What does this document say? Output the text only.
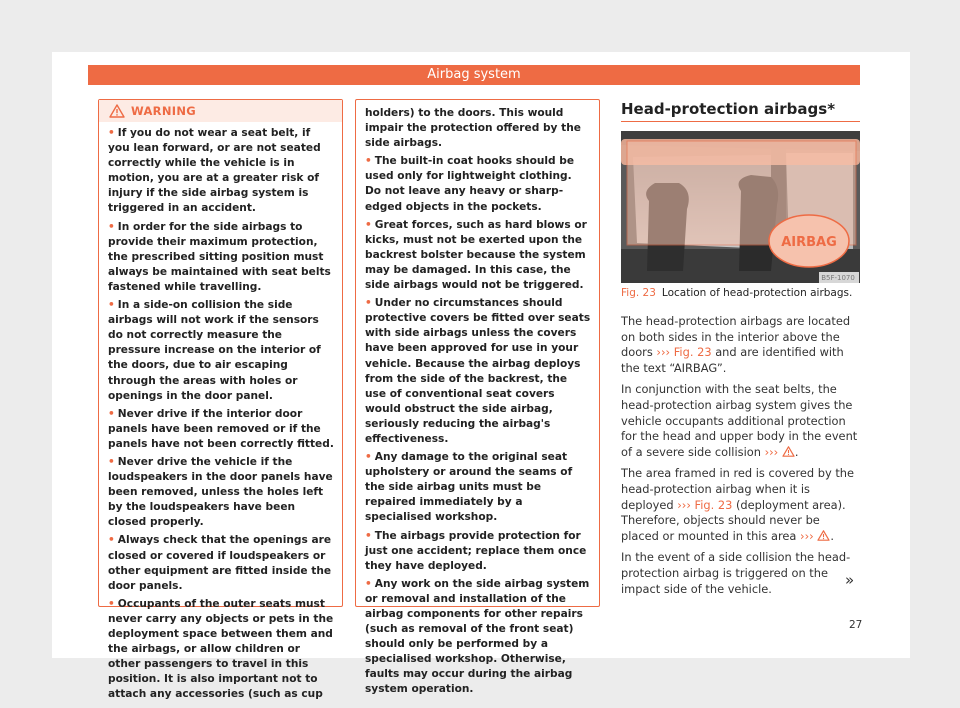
Airbag system
WARNING

• If you do not wear a seat belt, if you lean forward, or are not seated correctly while the vehicle is in motion, you are at a greater risk of injury if the side airbag system is triggered in an accident.

• In order for the side airbags to provide their maximum protection, the prescribed sitting position must always be maintained with seat belts fastened while travelling.

• In a side-on collision the side airbags will not work if the sensors do not correctly measure the pressure increase on the interior of the doors, due to air escaping through the areas with holes or openings in the door panel.

• Never drive if the interior door panels have been removed or if the panels have not been correctly fitted.

• Never drive the vehicle if the loudspeakers in the door panels have been removed, unless the holes left by the loudspeakers have been closed properly.

• Always check that the openings are closed or covered if loudspeakers or other equipment are fitted inside the door panels.

• Occupants of the outer seats must never carry any objects or pets in the deployment space between them and the airbags, or allow children or other passengers to travel in this position. It is also important not to attach any accessories (such as cup

holders) to the doors. This would impair the protection offered by the side airbags.

• The built-in coat hooks should be used only for lightweight clothing. Do not leave any heavy or sharp-edged objects in the pockets.

• Great forces, such as hard blows or kicks, must not be exerted upon the backrest bolster because the system may be damaged. In this case, the side airbags would not be triggered.

• Under no circumstances should protective covers be fitted over seats with side airbags unless the covers have been approved for use in your vehicle. Because the airbag deploys from the side of the backrest, the use of conventional seat covers would obstruct the side airbag, seriously reducing the airbag's effectiveness.

• Any damage to the original seat upholstery or around the seams of the side airbag units must be repaired immediately by a specialised workshop.

• The airbags provide protection for just one accident; replace them once they have deployed.

• Any work on the side airbag system or removal and installation of the airbag components for other repairs (such as removal of the front seat) should only be performed by a specialised workshop. Otherwise, faults may occur during the airbag system operation.

Head-protection airbags*
AIRBAG
B5F-1070
Fig. 23 Location of head-protection airbags.

The head-protection airbags are located on both sides in the interior above the doors ››› Fig. 23 and are identified with the text “AIRBAG”.

In conjunction with the seat belts, the head-protection airbag system gives the vehicle occupants additional protection for the head and upper body in the event of a severe side collision ››› .

The area framed in red is covered by the head-protection airbag when it is deployed ››› Fig. 23 (deployment area). Therefore, objects should never be placed or mounted in this area ››› .

In the event of a side collision the head-protection airbag is triggered on the impact side of the vehicle.	»
27
